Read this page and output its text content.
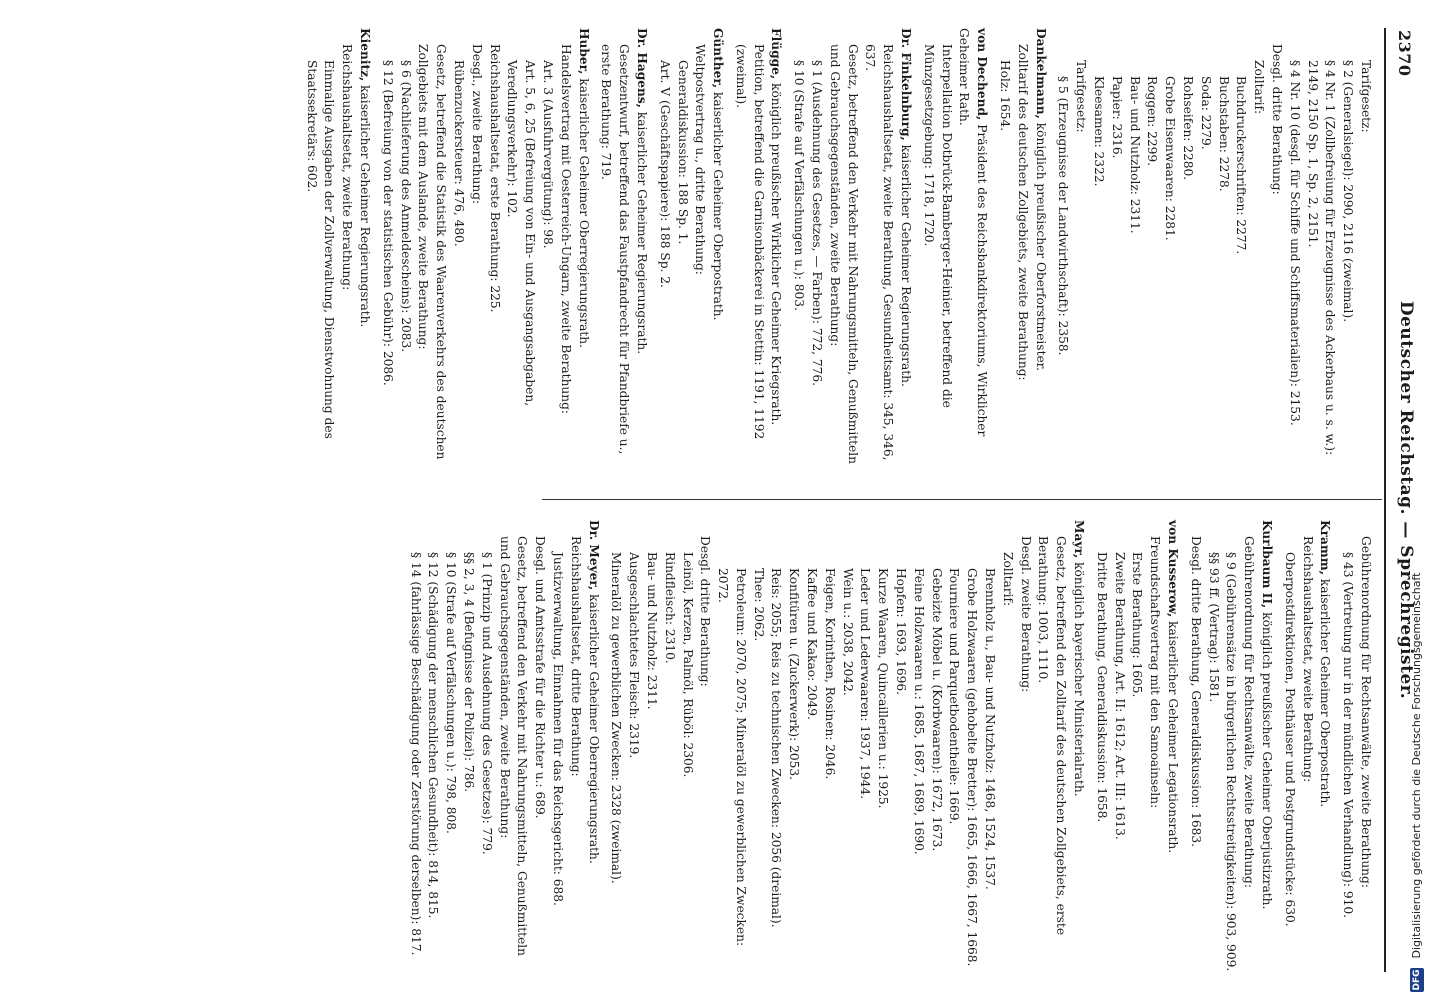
2370
Deutscher Reichstag. — Sprechregister.
Tarifgesetz:
§ 2 (Generalsiegel): 2090, 2116 (zweimal).
§ 4 Nr. 1 (Zollbefreiung für Erzeugnisse des Ackerbaus u. s. w.): 2149, 2150 Sp. 1, Sp. 2, 2151.
§ 4 Nr. 10 (desgl. für Schiffe und Schiffsmaterialien): 2153.
Desgl. dritte Berathung:
Zolltarif:
Buchdruckerschriften: 2277.
Buchstaben: 2278.
Soda: 2279.
Rohseifen: 2280.
Grobe Eisenwaaren: 2281.
Roggen: 2299.
Bau- und Nutzholz: 2311.
Papier: 2316.
Kleesamen: 2322.
Tarifgesetz:
§ 5 (Erzeugnisse der Landwirthschaft): 2358.
Dankelmann, königlich preußischer Oberforstmeister.
Zolltarif des deutschen Zollgebiets, zweite Berathung:
Holz: 1654.
von Dechend, Präsident des Reichsbankdirektoriums, Wirklicher Geheimer Rath.
Interpellation Dotbrück-Bamberger-Heinier, betreffend die Münzgesetzgebung: 1718, 1720.
Dr. Finkelnburg, kaiserlicher Geheimer Regierungsrath.
Reichshaushaltsetat, zweite Berathung, Gesundheitsamt: 345, 346, 637.
Gesetz, betreffend den Verkehr mit Nahrungsmitteln, Genußmitteln und Gebrauchsgegenständen, zweite Berathung:
§ 1 (Ausdehnung des Gesetzes, — Farben): 772, 776.
§ 10 (Strafe auf Verfälschungen u.): 803.
Flügge, königlich preußischer Wirklicher Geheimer Kriegsrath.
Petition, betreffend die Garnisonbäckerei in Stettin: 1191, 1192 (zweimal).
Günther, kaiserlicher Geheimer Oberpostrath.
Weltpostvertrag u., dritte Berathung:
Generaldiskussion: 188 Sp. 1.
Art. V (Geschäftspapiere): 188 Sp. 2.
Dr. Hagens, kaiserlicher Geheimer Regierungsrath.
Gesetzentwurf, betreffend das Faustpfandrecht für Pfandbriefe u., erste Berathung: 719.
Huber, kaiserlicher Geheimer Oberregierungsrath.
Handelsvertrag mit Oesterreich-Ungarn, zweite Berathung:
Art. 3 (Ausfuhrvergütung): 98.
Art. 5, 6, 25 (Befreiung von Ein- und Ausgangsabgaben, Veredlungsverkehr): 102.
Reichshaushaltsetat, erste Berathung: 225.
Desgl., zweite Berathung:
Rübenzuckersteuer: 476, 480.
Gesetz, betreffend die Statistik des Waarenverkehrs des deutschen Zollgebiets mit dem Auslande, zweite Berathung:
§ 6 (Nachlieferung des Anmeldescheins): 2083.
§ 12 (Befreiung von der statistischen Gebühr): 2086.
Kienitz, kaiserlicher Geheimer Regierungsrath.
Reichshaushaltsetat, zweite Berathung:
Einmalige Ausgaben der Zollverwaltung, Dienstwohnung des Staatssekretärs: 602.
Gebührenordnung für Rechtsanwälte, zweite Berathung:
§ 43 (Vertretung nur in der mündlichen Verhandlung): 910.
Kramm, kaiserlicher Geheimer Oberpostrath.
Reichshaushaltsetat, zweite Berathung:
Oberpostdirektionen, Posthäuser und Postgrundstücke: 630.
Kurlbaum II, königlich preußischer Geheimer Oberjustizrath.
Gebührenordnung für Rechtsanwälte, zweite Berathung:
§ 9 (Gebührensätze in bürgerlichen Rechtsstreitigkeiten): 903, 909.
§§ 93 ff. (Vertrag): 1581.
Desgl. dritte Berathung, Generaldiskussion: 1683.
von Kusserow, kaiserlicher Geheimer Legationsrath.
Freundschaftsvertrag mit den Samoainseln:
Erste Berathung: 1605.
Zweite Berathung, Art. II: 1612; Art. III: 1613.
Dritte Berathung, Generaldiskussion: 1658.
Mayr, königlich bayerischer Ministerialrath.
Gesetz, betreffend den Zolltarif des deutschen Zollgebiets, erste Berathung: 1003, 1110.
Desgl. zweite Berathung:
Zolltarif:
Brennholz u., Bau- und Nutzholz: 1468, 1524, 1537.
Grobe Holzwaaren (gehobelte Bretter): 1665, 1666, 1667, 1668.
Fourniere und Parquetbodentheile: 1669.
Gebeizte Möbel u. (Korbwaaren): 1672, 1673.
Feine Holzwaaren u.: 1685, 1687, 1689, 1690.
Hopfen: 1693, 1696.
Kurze Waaren, Quincaillerien u.: 1925.
Leder und Lederwaaren: 1937, 1944.
Wein u.: 2038, 2042.
Feigen, Korinthen, Rosinen: 2046.
Kaffee und Kakao: 2049.
Konfitüren u. (Zuckerwerk): 2053.
Reis: 2055; Reis zu technischen Zwecken: 2056 (dreimal).
Thee: 2062.
Petroleum: 2070, 2075; Mineralöl zu gewerblichen Zwecken: 2072.
Desgl. dritte Berathung:
Leinöl, Kerzen, Palmöl, Rüböl: 2306.
Rindfleisch: 2310.
Bau- und Nutzholz: 2311.
Ausgeschlachtetes Fleisch: 2319.
Mineralöl zu gewerblichen Zwecken: 2328 (zweimal).
Dr. Meyer, kaiserlicher Geheimer Oberregierungsrath.
Reichshaushaltsetat, dritte Berathung:
Justizverwaltung, Einnahmen für das Reichsgericht: 688.
Desgl. und Amtsstrafe für die Richter u.: 689.
Gesetz, betreffend den Verkehr mit Nahrungsmitteln, Genußmitteln und Gebrauchsgegenständen, zweite Berathung:
§ 1 (Prinzip und Ausdehnung des Gesetzes): 779.
§§ 2, 3, 4 (Befugnisse der Polizei): 786.
§ 10 (Strafe auf Verfälschungen u.): 798, 808.
§ 12 (Schädigung der menschlichen Gesundheit): 814, 815.
§ 14 (fahrlässige Beschädigung oder Zerstörung derselben): 817.
DFG Digitalisierung gefördert durch die Deutsche Forschungsgemeinschaft
